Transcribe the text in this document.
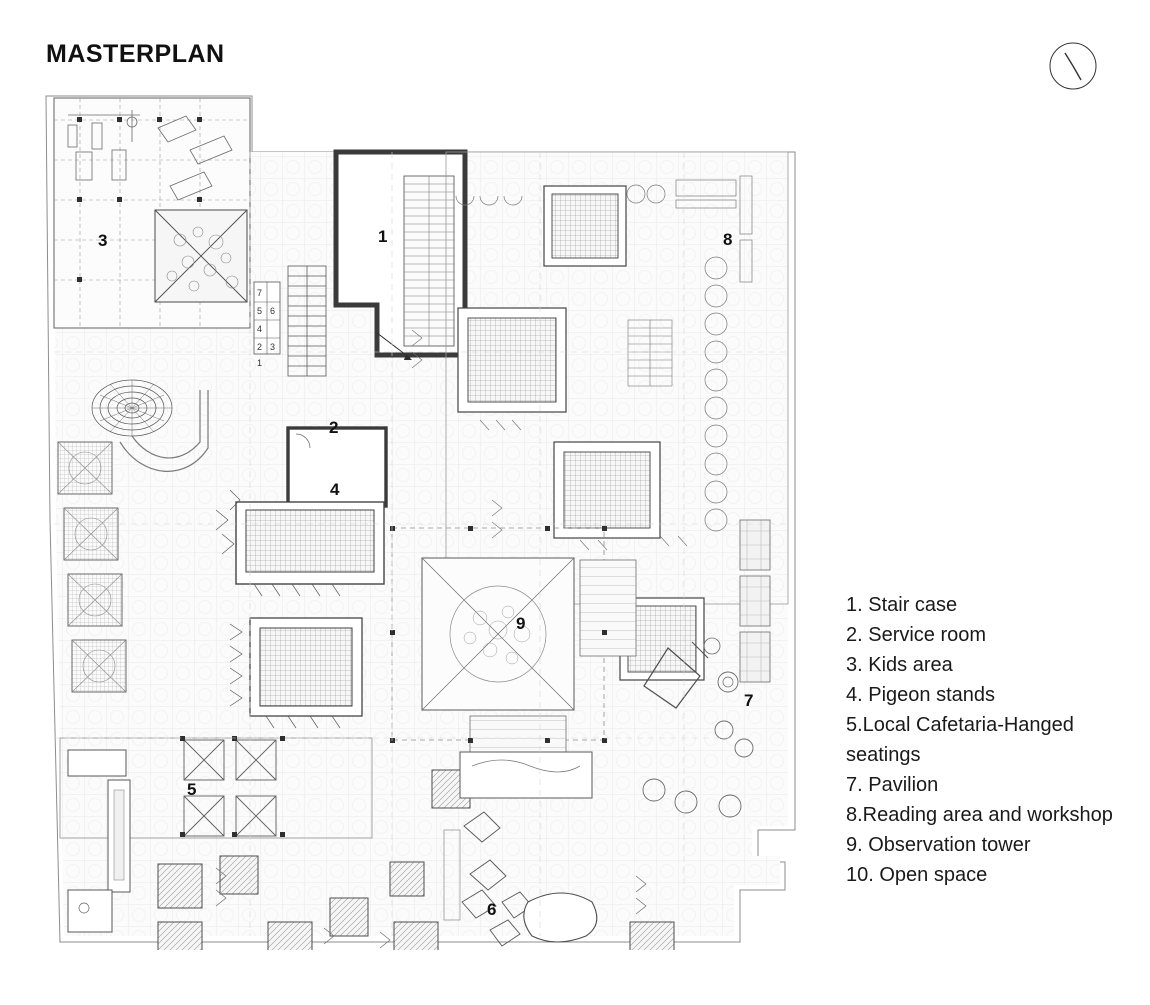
MASTERPLAN
7
5 6
4
2 3
1
3	1	8
2
4
9
7
5
6
1. Stair case
2. Service room
3. Kids area
4. Pigeon stands
5.Local Cafetaria-Hanged seatings
7. Pavilion
8.Reading area and workshop
9. Observation tower
10. Open space
